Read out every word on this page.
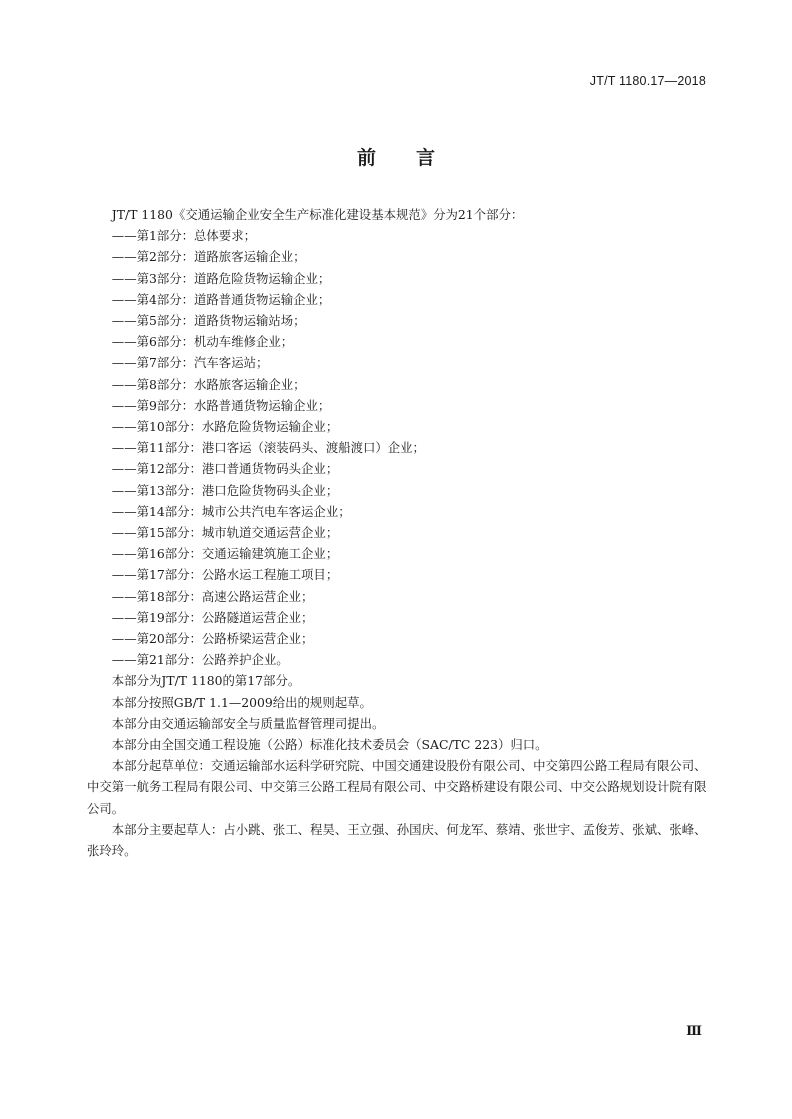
JT/T 1180.17—2018
前言

JT/T 1180《交通运输企业安全生产标准化建设基本规范》分为21个部分：

——第1部分：总体要求；
——第2部分：道路旅客运输企业；
——第3部分：道路危险货物运输企业；
——第4部分：道路普通货物运输企业；
——第5部分：道路货物运输站场；
——第6部分：机动车维修企业；
——第7部分：汽车客运站；
——第8部分：水路旅客运输企业；
——第9部分：水路普通货物运输企业；
——第10部分：水路危险货物运输企业；
——第11部分：港口客运（滚装码头、渡船渡口）企业；
——第12部分：港口普通货物码头企业；
——第13部分：港口危险货物码头企业；
——第14部分：城市公共汽电车客运企业；
——第15部分：城市轨道交通运营企业；
——第16部分：交通运输建筑施工企业；
——第17部分：公路水运工程施工项目；
——第18部分：高速公路运营企业；
——第19部分：公路隧道运营企业；
——第20部分：公路桥梁运营企业；
——第21部分：公路养护企业。

本部分为JT/T 1180的第17部分。

本部分按照GB/T 1.1—2009给出的规则起草。

本部分由交通运输部安全与质量监督管理司提出。

本部分由全国交通工程设施（公路）标准化技术委员会（SAC/TC 223）归口。

本部分起草单位：交通运输部水运科学研究院、中国交通建设股份有限公司、中交第四公路工程局有限公司、中交第一航务工程局有限公司、中交第三公路工程局有限公司、中交路桥建设有限公司、中交公路规划设计院有限公司。

本部分主要起草人：占小跳、张工、程昊、王立强、孙国庆、何龙军、蔡靖、张世宇、孟俊芳、张斌、张峰、张玲玲。

Ⅲ
